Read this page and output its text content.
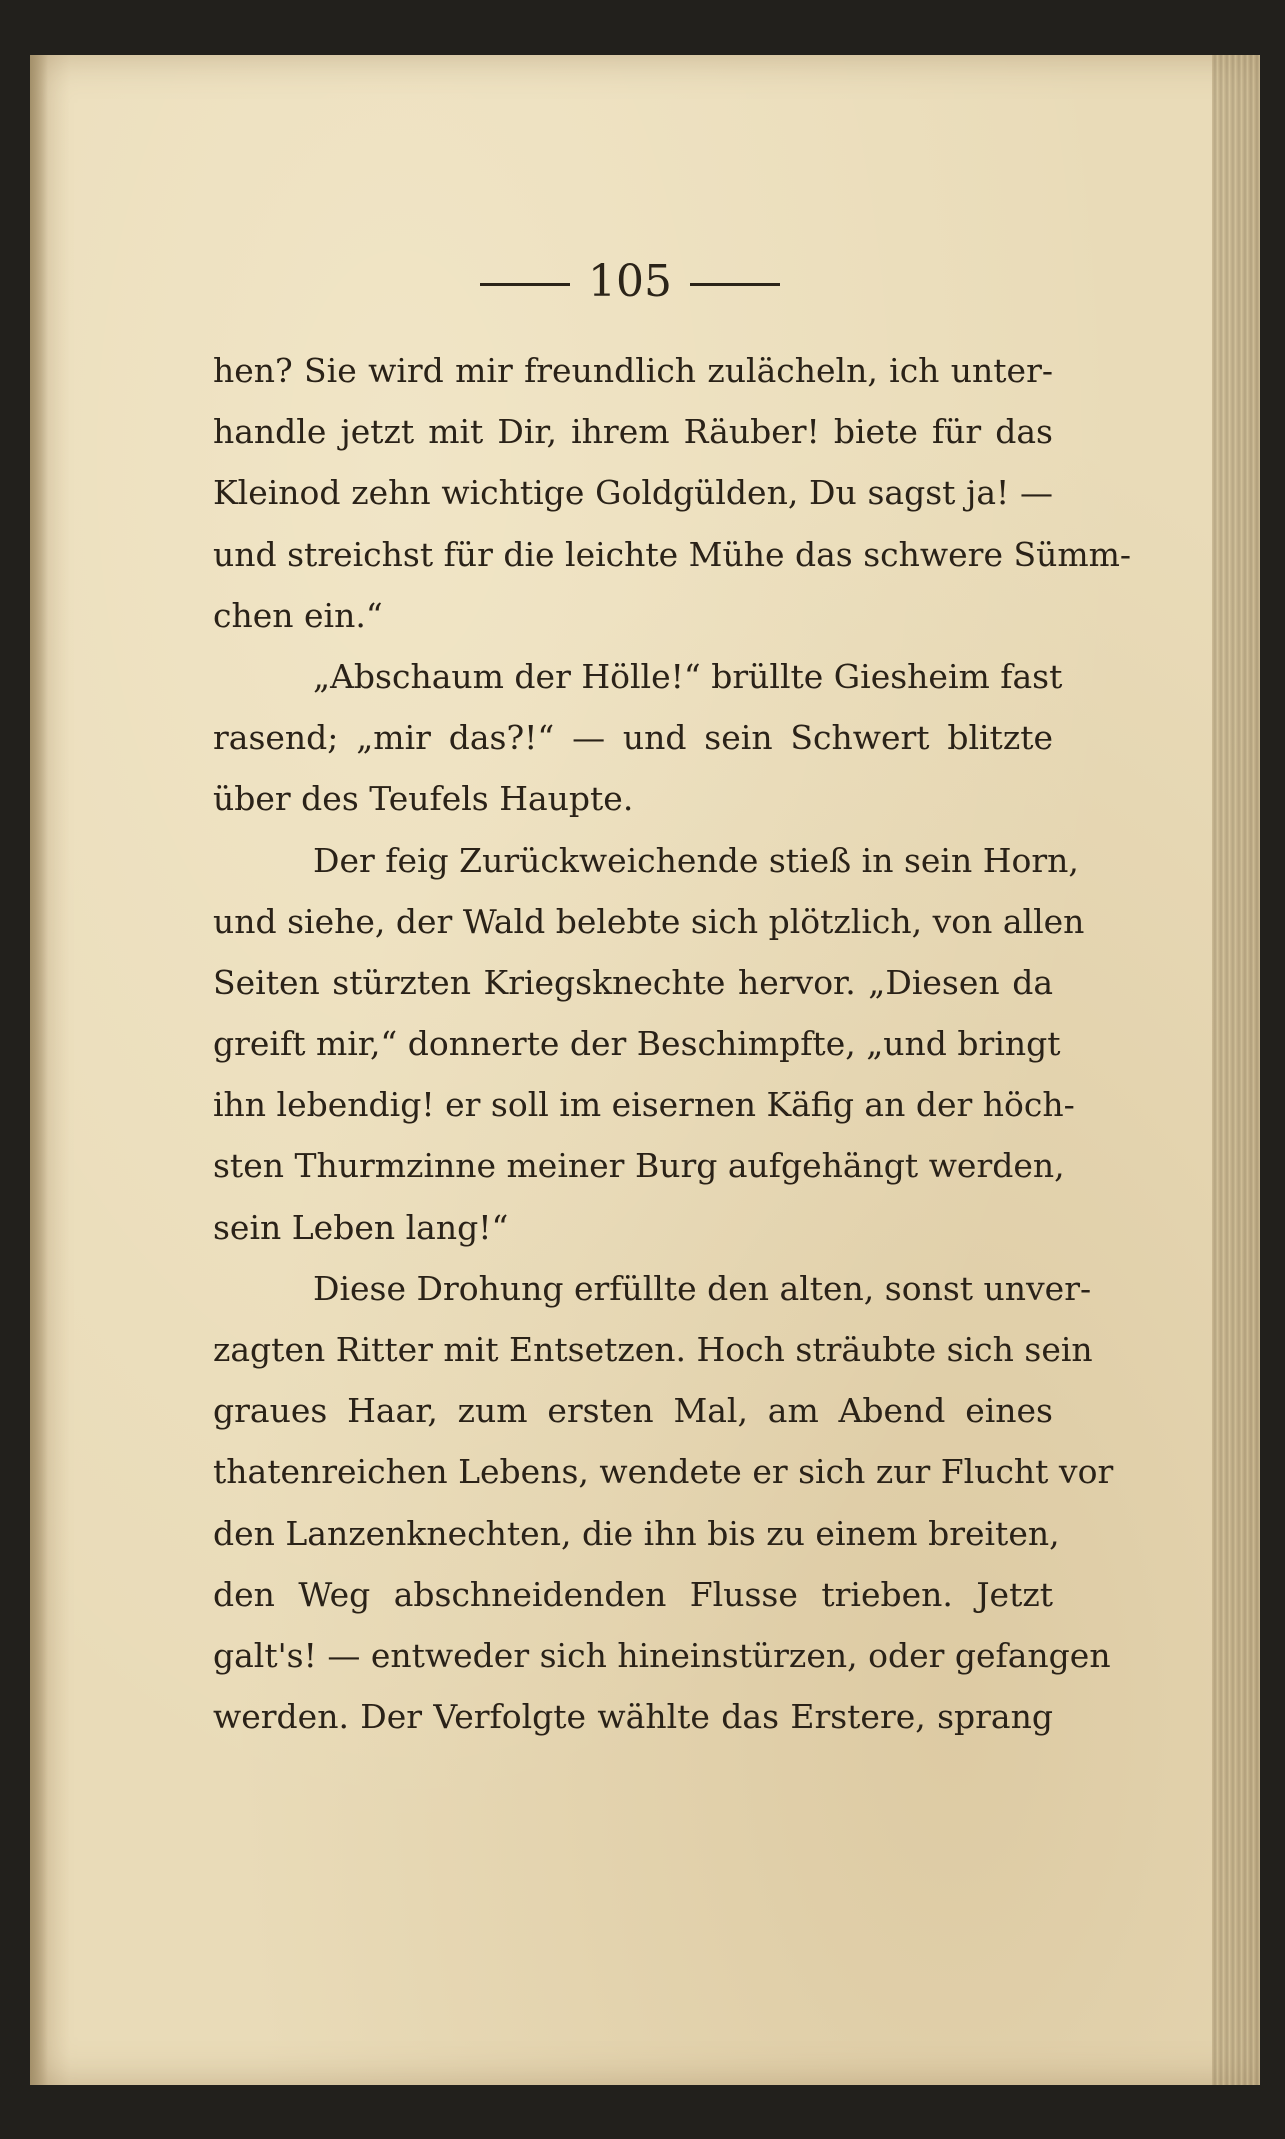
105
hen? Sie wird mir freundlich zulächeln, ich unter-
handle jetzt mit Dir, ihrem Räuber! biete für das
Kleinod zehn wichtige Goldgülden, Du sagst ja! —
und streichst für die leichte Mühe das schwere Sümm-
chen ein.“
„Abschaum der Hölle!“ brüllte Giesheim fast
rasend; „mir das?!“ — und sein Schwert blitzte
über des Teufels Haupte.
Der feig Zurückweichende stieß in sein Horn,
und siehe, der Wald belebte sich plötzlich, von allen
Seiten stürzten Kriegsknechte hervor. „Diesen da
greift mir,“ donnerte der Beschimpfte, „und bringt
ihn lebendig! er soll im eisernen Käfig an der höch-
sten Thurmzinne meiner Burg aufgehängt werden,
sein Leben lang!“
Diese Drohung erfüllte den alten, sonst unver-
zagten Ritter mit Entsetzen. Hoch sträubte sich sein
graues Haar, zum ersten Mal, am Abend eines
thatenreichen Lebens, wendete er sich zur Flucht vor
den Lanzenknechten, die ihn bis zu einem breiten,
den Weg abschneidenden Flusse trieben. Jetzt
galt's! — entweder sich hineinstürzen, oder gefangen
werden. Der Verfolgte wählte das Erstere, sprang
